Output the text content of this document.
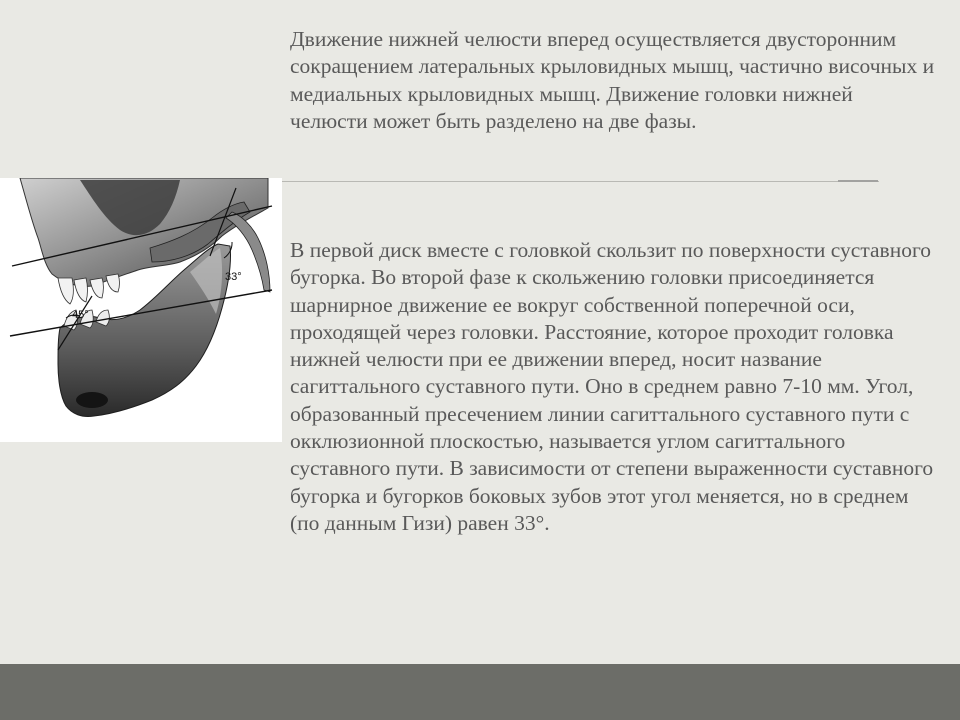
Движение нижней челюсти вперед осуществляется двусторонним сокращением латеральных крыловидных мышц, частично височных и медиальных крыловидных мышц. Движение головки нижней челюсти может быть разделено на две фазы.

В первой диск вместе с головкой скользит по поверхности суставного бугорка. Во второй фазе к скольжению головки присоединяется шарнирное движение ее вокруг собственной поперечной оси, проходящей через головки. Расстояние, которое проходит головка нижней челюсти при ее движении вперед, носит название сагиттального суставного пути. Оно в среднем равно 7-10 мм. Угол, образованный пресечением линии сагиттального суставного пути с окклюзионной плоскостью, называется углом сагиттального суставного пути. В зависимости от степени выраженности суставного бугорка и бугорков боковых зубов этот угол меняется, но в среднем (по данным Гизи) равен 33°.

45°
33°
